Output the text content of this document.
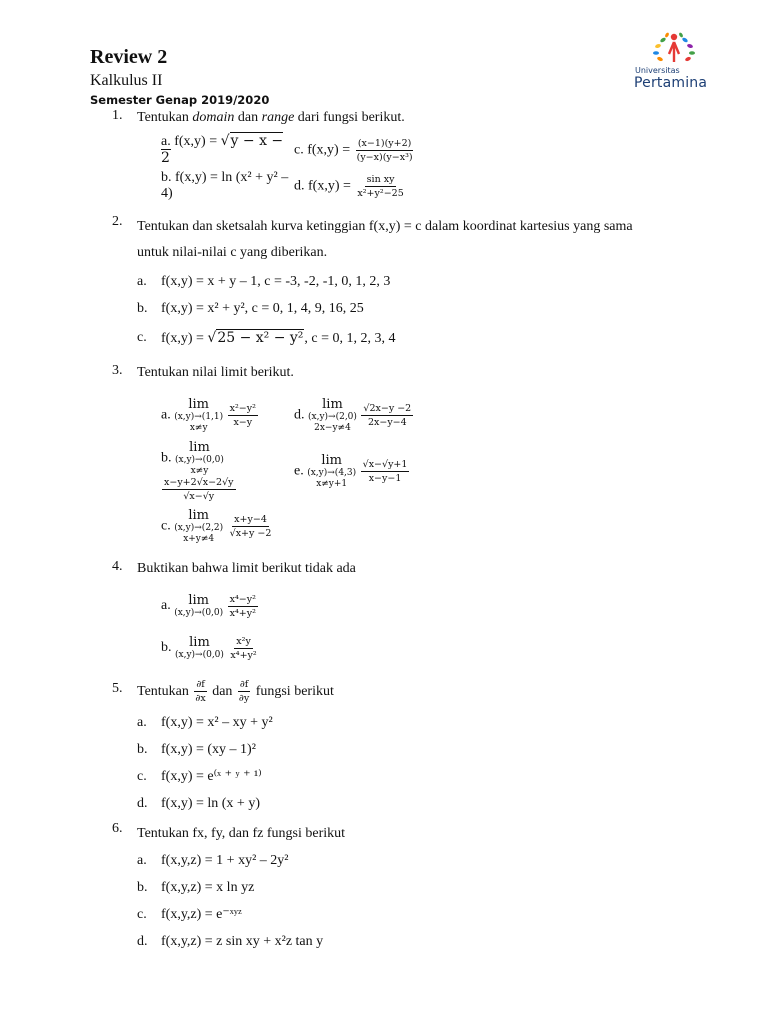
Review 2
Kalkulus II
Semester Genap 2019/2020
Universitas
Pertamina
1. Tentukan domain dan range dari fungsi berikut.
a. f(x,y) = √y − x − 2
c. $f(x,y) = \frac{(x-1)(y+2)}{\text{(y−x)(y−x³)}}$
b. f(x,y) = ln (x² + y² – 4)
d. $f(x,y) = \frac{\text{sin xy}}{\text{x²+y²−25}}$
2. Tentukan dan sketsalah kurva ketinggian f(x,y) = c dalam koordinat kartesius yang sama
untuk nilai-nilai c yang diberikan.
a. f(x,y) = x + y – 1, c = -3, -2, -1, 0, 1, 2, 3
b. f(x,y) = x² + y², c = 0, 1, 4, 9, 16, 25
c. f(x,y) = √25 − x² − y², c = 0, 1, 2, 3, 4
3. Tentukan nilai limit berikut.
a.
lim
(x,y)→(1,1)
x≠y
$\frac{\text{x²−y²}}{x-y}$	d.
lim
(x,y)→(2,0)
2x−y≠4
$\frac{√2x-y -2}{2x-y-4}$
b.
lim
(x,y)→(0,0)
x≠y

$\frac{x-y+2√x-2√y}{√x-√y}$
e.
lim
(x,y)→(4,3)
x≠y+1
$\frac{√x-√y+1}{x-y-1}$
c.
lim
(x,y)→(2,2)
x+y≠4
$\frac{x+y-4}{√x+y -2}$
4. Buktikan bahwa limit berikut tidak ada
a. lim
(x,y)→(0,0)
$\frac{\text{x⁴−y²}}{\text{x⁴+y²}}$
b. lim
(x,y)→(0,0)
$\frac{\text{x²y}}{\text{x⁴+y²}}$
5. Tentukan $\frac{\partial f}{\partial x}$ dan $\frac{\partial f}{\partial y}$ fungsi berikut
a. f(x,y) = x² – xy + y²
b. f(x,y) = (xy – 1)²
c. f(x,y) = e⁽ˣ ⁺ ʸ ⁺ ¹⁾
d. f(x,y) = ln (x + y)
6. Tentukan fx, fy, dan fz fungsi berikut
a. f(x,y,z) = 1 + xy² – 2y²
b. f(x,y,z) = x ln yz
c. f(x,y,z) = e⁻ˣʸᶻ
d. f(x,y,z) = z sin xy + x²z tan y
